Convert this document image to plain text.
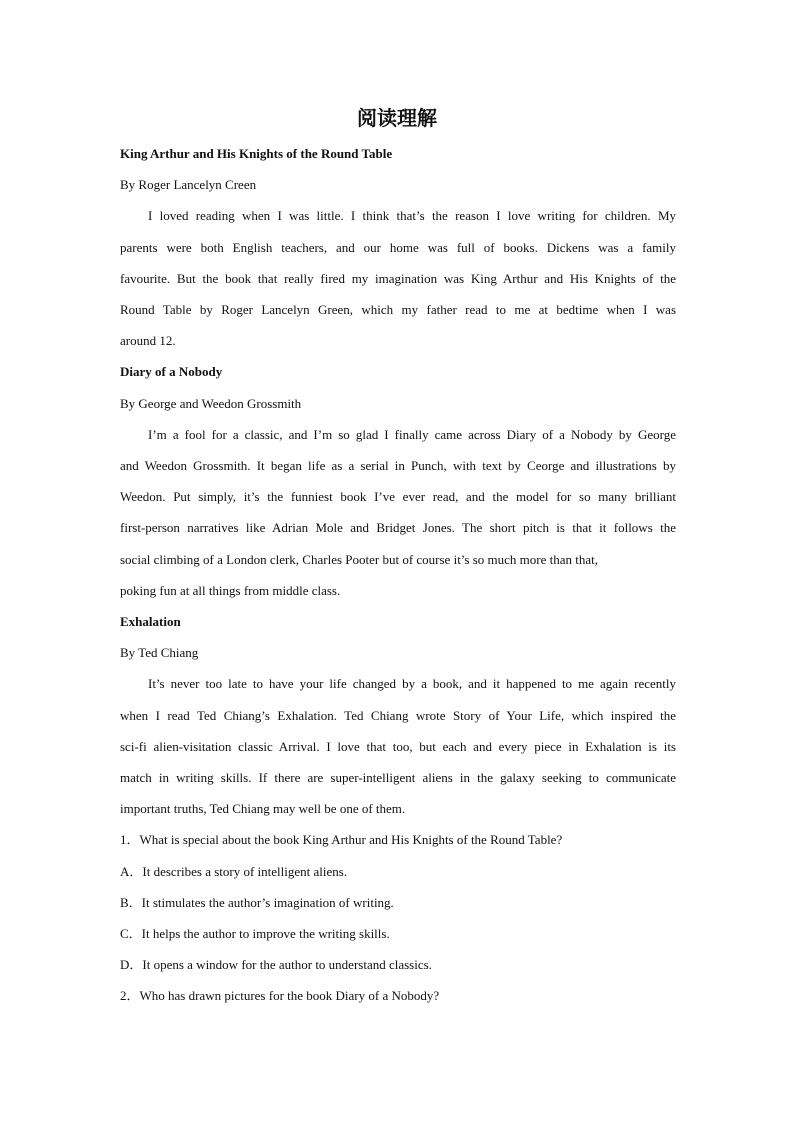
阅读理解

King Arthur and His Knights of the Round Table

By Roger Lancelyn Creen

I loved reading when I was little. I think that’s the reason I love writing for children. My
parents were both English teachers, and our home was full of books. Dickens was a family
favourite. But the book that really fired my imagination was King Arthur and His Knights of the
Round Table by Roger Lancelyn Green, which my father read to me at bedtime when I was
around 12.

Diary of a Nobody

By George and Weedon Grossmith

I’m a fool for a classic, and I’m so glad I finally came across Diary of a Nobody by George
and Weedon Grossmith. It began life as a serial in Punch, with text by Ceorge and illustrations by
Weedon. Put simply, it’s the funniest book I’ve ever read, and the model for so many brilliant
first-person narratives like Adrian Mole and Bridget Jones. The short pitch is that it follows the
social climbing of a London clerk, Charles Pooter but of course it’s so much more than that,
poking fun at all things from middle class.

Exhalation

By Ted Chiang

It’s never too late to have your life changed by a book, and it happened to me again recently
when I read Ted Chiang’s Exhalation. Ted Chiang wrote Story of Your Life, which inspired the
sci-fi alien-visitation classic Arrival. I love that too, but each and every piece in Exhalation is its
match in writing skills. If there are super-intelligent aliens in the galaxy seeking to communicate
important truths, Ted Chiang may well be one of them.

1．What is special about the book King Arthur and His Knights of the Round Table?

A．It describes a story of intelligent aliens.

B．It stimulates the author’s imagination of writing.

C．It helps the author to improve the writing skills.

D．It opens a window for the author to understand classics.

2．Who has drawn pictures for the book Diary of a Nobody?
